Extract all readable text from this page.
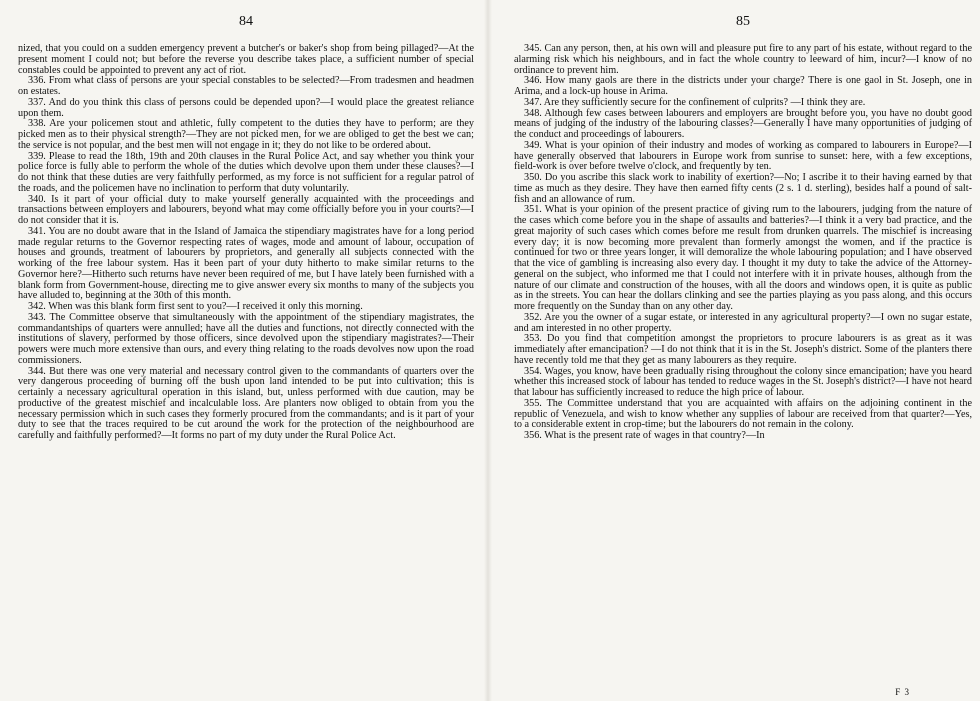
84

nized, that you could on a sudden emergency prevent a butcher's or baker's shop from being pillaged?—At the present moment I could not; but before the reverse you describe takes place, a sufficient number of special constables could be appointed to prevent any act of riot.

336. From what class of persons are your special constables to be selected?—From tradesmen and headmen on estates.

337. And do you think this class of persons could be depended upon?—I would place the greatest reliance upon them.

338. Are your policemen stout and athletic, fully competent to the duties they have to perform; are they picked men as to their physical strength?—They are not picked men, for we are obliged to get the best we can; the service is not popular, and the best men will not engage in it; they do not like to be ordered about.

339. Please to read the 18th, 19th and 20th clauses in the Rural Police Act, and say whether you think your police force is fully able to perform the whole of the duties which devolve upon them under these clauses?—I do not think that these duties are very faithfully performed, as my force is not sufficient for a regular patrol of the roads, and the policemen have no inclination to perform that duty voluntarily.

340. Is it part of your official duty to make yourself generally acquainted with the proceedings and transactions between employers and labourers, beyond what may come officially before you in your courts?—I do not consider that it is.

341. You are no doubt aware that in the Island of Jamaica the stipendiary magistrates have for a long period made regular returns to the Governor respecting rates of wages, mode and amount of labour, occupation of houses and grounds, treatment of labourers by proprietors, and generally all subjects connected with the working of the free labour system. Has it been part of your duty hitherto to make similar returns to the Governor here?—Hitherto such returns have never been required of me, but I have lately been furnished with a blank form from Government-house, directing me to give answer every six months to many of the subjects you have alluded to, beginning at the 30th of this month.

342. When was this blank form first sent to you?—I received it only this morning.

343. The Committee observe that simultaneously with the appointment of the stipendiary magistrates, the commandantships of quarters were annulled; have all the duties and functions, not directly connected with the institutions of slavery, performed by those officers, since devolved upon the stipendiary magistrates?—Their powers were much more extensive than ours, and every thing relating to the roads devolves now upon the road commissioners.

344. But there was one very material and necessary control given to the commandants of quarters over the very dangerous proceeding of burning off the bush upon land intended to be put into cultivation; this is certainly a necessary agricultural operation in this island, but, unless performed with due caution, may be productive of the greatest mischief and incalculable loss. Are planters now obliged to obtain from you the necessary permission which in such cases they formerly procured from the commandants; and is it part of your duty to see that the traces required to be cut around the work for the protection of the neighbourhood are carefully and faithfully performed?—It forms no part of my duty under the Rural Police Act.

85

345. Can any person, then, at his own will and pleasure put fire to any part of his estate, without regard to the alarming risk which his neighbours, and in fact the whole country to leeward of him, incur?—I know of no ordinance to prevent him.

346. How many gaols are there in the districts under your charge? There is one gaol in St. Joseph, one in Arima, and a lock-up house in Arima.

347. Are they sufficiently secure for the confinement of culprits? —I think they are.

348. Although few cases between labourers and employers are brought before you, you have no doubt good means of judging of the industry of the labouring classes?—Generally I have many opportunities of judging of the conduct and proceedings of labourers.

349. What is your opinion of their industry and modes of working as compared to labourers in Europe?—I have generally observed that labourers in Europe work from sunrise to sunset: here, with a few exceptions, field-work is over before twelve o'clock, and frequently by ten.

350. Do you ascribe this slack work to inability of exertion?—No; I ascribe it to their having earned by that time as much as they desire. They have then earned fifty cents (2 s. 1 d. sterling), besides half a pound of salt-fish and an allowance of rum.

351. What is your opinion of the present practice of giving rum to the labourers, judging from the nature of the cases which come before you in the shape of assaults and batteries?—I think it a very bad practice, and the great majority of such cases which comes before me result from drunken quarrels. The mischief is increasing every day; it is now becoming more prevalent than formerly amongst the women, and if the practice is continued for two or three years longer, it will demoralize the whole labouring population; and I have observed that the vice of gambling is increasing also every day. I thought it my duty to take the advice of the Attorney-general on the subject, who informed me that I could not interfere with it in private houses, although from the nature of our climate and construction of the houses, with all the doors and windows open, it is quite as public as in the streets. You can hear the dollars clinking and see the parties playing as you pass along, and this occurs more frequently on the Sunday than on any other day.

352. Are you the owner of a sugar estate, or interested in any agricultural property?—I own no sugar estate, and am interested in no other property.

353. Do you find that competition amongst the proprietors to procure labourers is as great as it was immediately after emancipation? —I do not think that it is in the St. Joseph's district. Some of the planters there have recently told me that they get as many labourers as they require.

354. Wages, you know, have been gradually rising throughout the colony since emancipation; have you heard whether this increased stock of labour has tended to reduce wages in the St. Joseph's district?—I have not heard that labour has sufficiently increased to reduce the high price of labour.

355. The Committee understand that you are acquainted with affairs on the adjoining continent in the republic of Venezuela, and wish to know whether any supplies of labour are received from that quarter?—Yes, to a considerable extent in crop-time; but the labourers do not remain in the colony.

356. What is the present rate of wages in that country?—In

F 3
